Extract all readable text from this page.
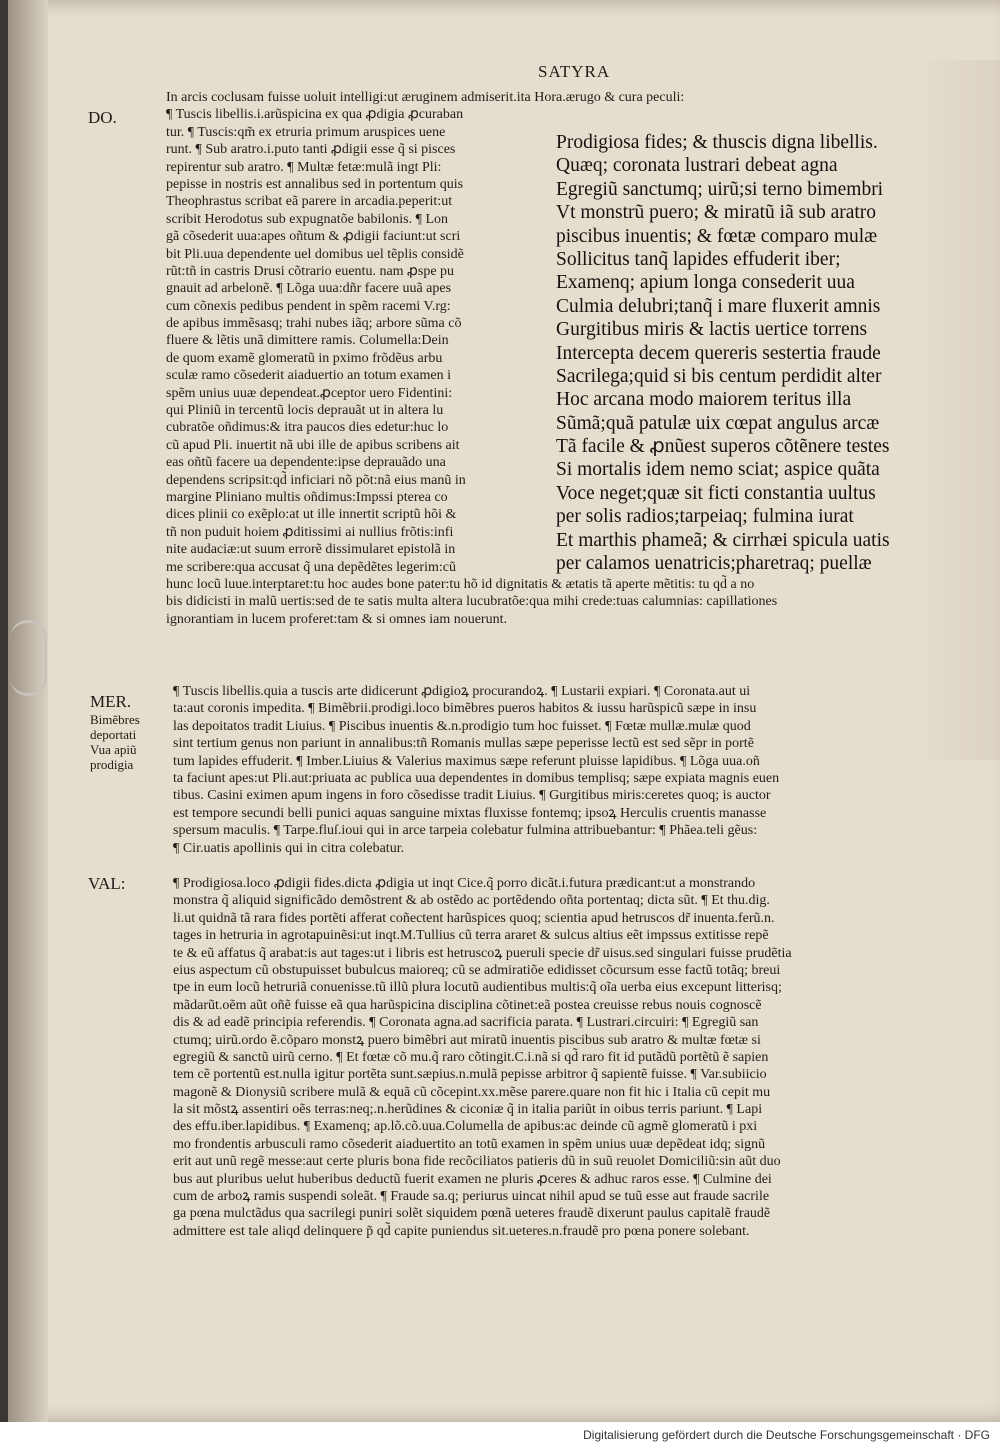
SATYRA
DO.
MER.
Bimẽbres
deportati
Vua apiũ
prodigia
VAL:
In arcis coclusam fuisse uoluit intelligi:ut æruginem admiserit.ita Hora.ærugo & cura peculi:
¶ Tuscis libellis.i.arũspicina ex qua ꝓdigia ꝓcuraban
tur. ¶ Tuscis:qm̃ ex etruria primum aruspices uene
runt. ¶ Sub aratro.i.puto tanti ꝓdigii esse q̃ si pisces
repirentur sub aratro. ¶ Multæ fetæ:mulã ingt Pli:
pepisse in nostris est annalibus sed in portentum quis
Theophrastus scribat eã parere in arcadia.peperit:ut
scribit Herodotus sub expugnatõe babilonis. ¶ Lon
gã cõsederit uua:apes oñtum & ꝓdigii faciunt:ut scri
bit Pli.uua dependente uel domibus uel tẽplis considẽ
rũt:tñ in castris Drusi cõtrario euentu. nam ꝓspe pu
gnauit ad arbelonẽ. ¶ Lõga uua:dñr facere uuã apes
cum cõnexis pedibus pendent in spẽm racemi V.rg:
de apibus immẽsasq; trahi nubes iãq; arbore sũma cõ
fluere & lẽtis unã dimittere ramis. Columella:Dein
de quom examẽ glomeratũ in pximo frõdẽus arbu
sculæ ramo cõsederit aiaduertio an totum examen i
spẽm unius uuæ dependeat.ꝓceptor uero Fidentini:
qui Pliniũ in tercentũ locis deprauãt ut in altera lu
cubratõe oñdimus:& itra paucos dies edetur:huc lo
cũ apud Pli. inuertit nã ubi ille de apibus scribens ait
eas oñtũ facere ua dependente:ipse deprauãdo una
dependens scripsit:qd̃ inficiari nõ põt:nã eius manũ in
margine Pliniano multis oñdimus:Impssi pterea co
dices plinii co exẽplo:at ut ille innertit scriptũ hõi &
tñ non puduit hoiem ꝓditissimi ai nullius frõtis:infi
nite audaciæ:ut suum errorẽ dissimularet epistolã in
me scribere:qua accusat q̃ una depẽdẽtes legerim:cũ
hunc locũ luue.interptaret:tu hoc audes bone pater:tu hõ id dignitatis & ætatis tã aperte mẽtitis: tu qd̃ a no
bis didicisti in malũ uertis:sed de te satis multa altera lucubratõe:qua mihi crede:tuas calumnias: capillationes
ignorantiam in lucem proferet:tam & si omnes iam nouerunt.
¶ Tuscis libellis.quia a tuscis arte didicerunt ꝓdigioꝝ procurandoꝝ. ¶ Lustarii expiari. ¶ Coronata.aut ui
ta:aut coronis impedita. ¶ Bimẽbrii.prodigi.loco bimẽbres pueros habitos & iussu harũspicũ sæpe in insu
las depoitatos tradit Liuius. ¶ Piscibus inuentis &.n.prodigio tum hoc fuisset. ¶ Fœtæ mullæ.mulæ quod
sint tertium genus non pariunt in annalibus:tñ Romanis mullas sæpe peperisse lectũ est sed sẽpr in portẽ
tum lapides effuderit. ¶ Imber.Liuius & Valerius maximus sæpe referunt pluisse lapidibus. ¶ Lõga uua.oñ
ta faciunt apes:ut Pli.aut:priuata ac publica uua dependentes in domibus templisq; sæpe expiata magnis euen
tibus. Casini eximen apum ingens in foro cõsedisse tradit Liuius. ¶ Gurgitibus miris:ceretes quoq; is auctor
est tempore secundi belli punici aquas sanguine mixtas fluxisse fontemq; ipsoꝝ Herculis cruentis manasse
spersum maculis. ¶ Tarpe.fluſ.ioui qui in arce tarpeia colebatur fulmina attribuebantur: ¶ Phãea.teli gẽus:
¶ Cir.uatis apollinis qui in citra colebatur.
¶ Prodigiosa.loco ꝓdigii fides.dicta ꝓdigia ut inqt Cice.q̃ porro dicãt.i.futura prædicant:ut a monstrando
monstra q̃ aliquid significãdo demõstrent & ab ostẽdo ac portẽdendo oñta portentaq; dicta sũt. ¶ Et thu.dig.
li.ut quidnã tã rara fides portẽti afferat coñectent harũspices quoq; scientia apud hetruscos dr̃ inuenta.ferũ.n.
tages in hetruria in agrotapuinẽsi:ut inqt.M.Tullius cũ terra araret & sulcus altius eẽt impssus extitisse repẽ
te & eũ affatus q̃ arabat:is aut tages:ut i libris est hetruscoꝝ pueruli specie dr̃ uisus.sed singulari fuisse prudẽtia
eius aspectum cũ obstupuisset bubulcus maioreq; cũ se admiratiõe edidisset cõcursum esse factũ totãq; breui
tpe in eum locũ hetruriã conuenisse.tũ illũ plura locutũ audientibus multis:q̃ oĩa uerba eius excepunt litterisq;
mãdarũt.oẽm aũt oñẽ fuisse eã qua harũspicina disciplina cõtinet:eã postea creuisse rebus nouis cognoscẽ
dis & ad eadẽ principia referendis. ¶ Coronata agna.ad sacrificia parata. ¶ Lustrari.circuiri: ¶ Egregiũ san
ctumq; uirũ.ordo ẽ.cõparo monstꝝ puero bimẽbri aut miratũ inuentis piscibus sub aratro & multæ fœtæ si
egregiũ & sanctũ uirũ cerno. ¶ Et fœtæ cõ mu.q̃ raro cõtingit.C.i.nã si qd̃ raro fit id putãdũ portẽtũ ẽ sapien
tem cẽ portentũ est.nulla igitur portẽta sunt.sæpius.n.mulã pepisse arbitror q̃ sapientẽ fuisse. ¶ Var.subiicio
magonẽ & Dionysiũ scribere mulã & equã cũ cõcepint.xx.mẽse parere.quare non fit hic i Italia cũ cepit mu
la sit mõstꝝ assentiri oẽs terras:neq;.n.herũdines & ciconiæ q̃ in italia pariũt in oibus terris pariunt. ¶ Lapi
des effu.iber.lapidibus. ¶ Examenq; ap.lõ.cõ.uua.Columella de apibus:ac deinde cũ agmẽ glomeratũ i pxi
mo frondentis arbusculi ramo cõsederit aiaduertito an totũ examen in spẽm unius uuæ depẽdeat idq; signũ
erit aut unũ regẽ messe:aut certe pluris bona fide recõciliatos patieris dũ in suũ reuolet Domiciliũ:sin aũt duo
bus aut pluribus uelut huberibus deductũ fuerit examen ne pluris ꝓceres & adhuc raros esse. ¶ Culmine dei
cum de arboꝝ ramis suspendi soleãt. ¶ Fraude sa.q; periurus uincat nihil apud se tuũ esse aut fraude sacrile
ga pœna mulctãdus qua sacrilegi puniri solẽt siquidem pœnã ueteres fraudẽ dixerunt paulus capitalẽ fraudẽ
admittere est tale aliqd delinquere p̃ qd̃ capite puniendus sit.ueteres.n.fraudẽ pro pœna ponere solebant.
Prodigiosa fides; & thuscis digna libellis.
Quæq; coronata lustrari debeat agna
Egregiũ sanctumq; uirũ;si terno bimembri
Vt monstrũ puero; & miratũ iã sub aratro
piscibus inuentis; & fœtæ comparo mulæ
Sollicitus tanq̃ lapides effuderit iber;
Examenq; apium longa consederit uua
Culmia delubri;tanq̃ i mare fluxerit amnis
Gurgitibus miris & lactis uertice torrens
Intercepta decem quereris sestertia fraude
Sacrilega;quid si bis centum perdidit alter
Hoc arcana modo maiorem teritus illa
Sũmã;quã patulæ uix cœpat angulus arcæ
Tã facile & ꝓnũest superos cõtẽnere testes
Si mortalis idem nemo sciat; aspice quãta
Voce neget;quæ sit ficti constantia uultus
per solis radios;tarpeiaq; fulmina iurat
Et marthis phameã; & cirrhæi spicula uatis
per calamos uenatricis;pharetraq; puellæ
Digitalisierung gefördert durch die Deutsche Forschungsgemeinschaft · DFG
